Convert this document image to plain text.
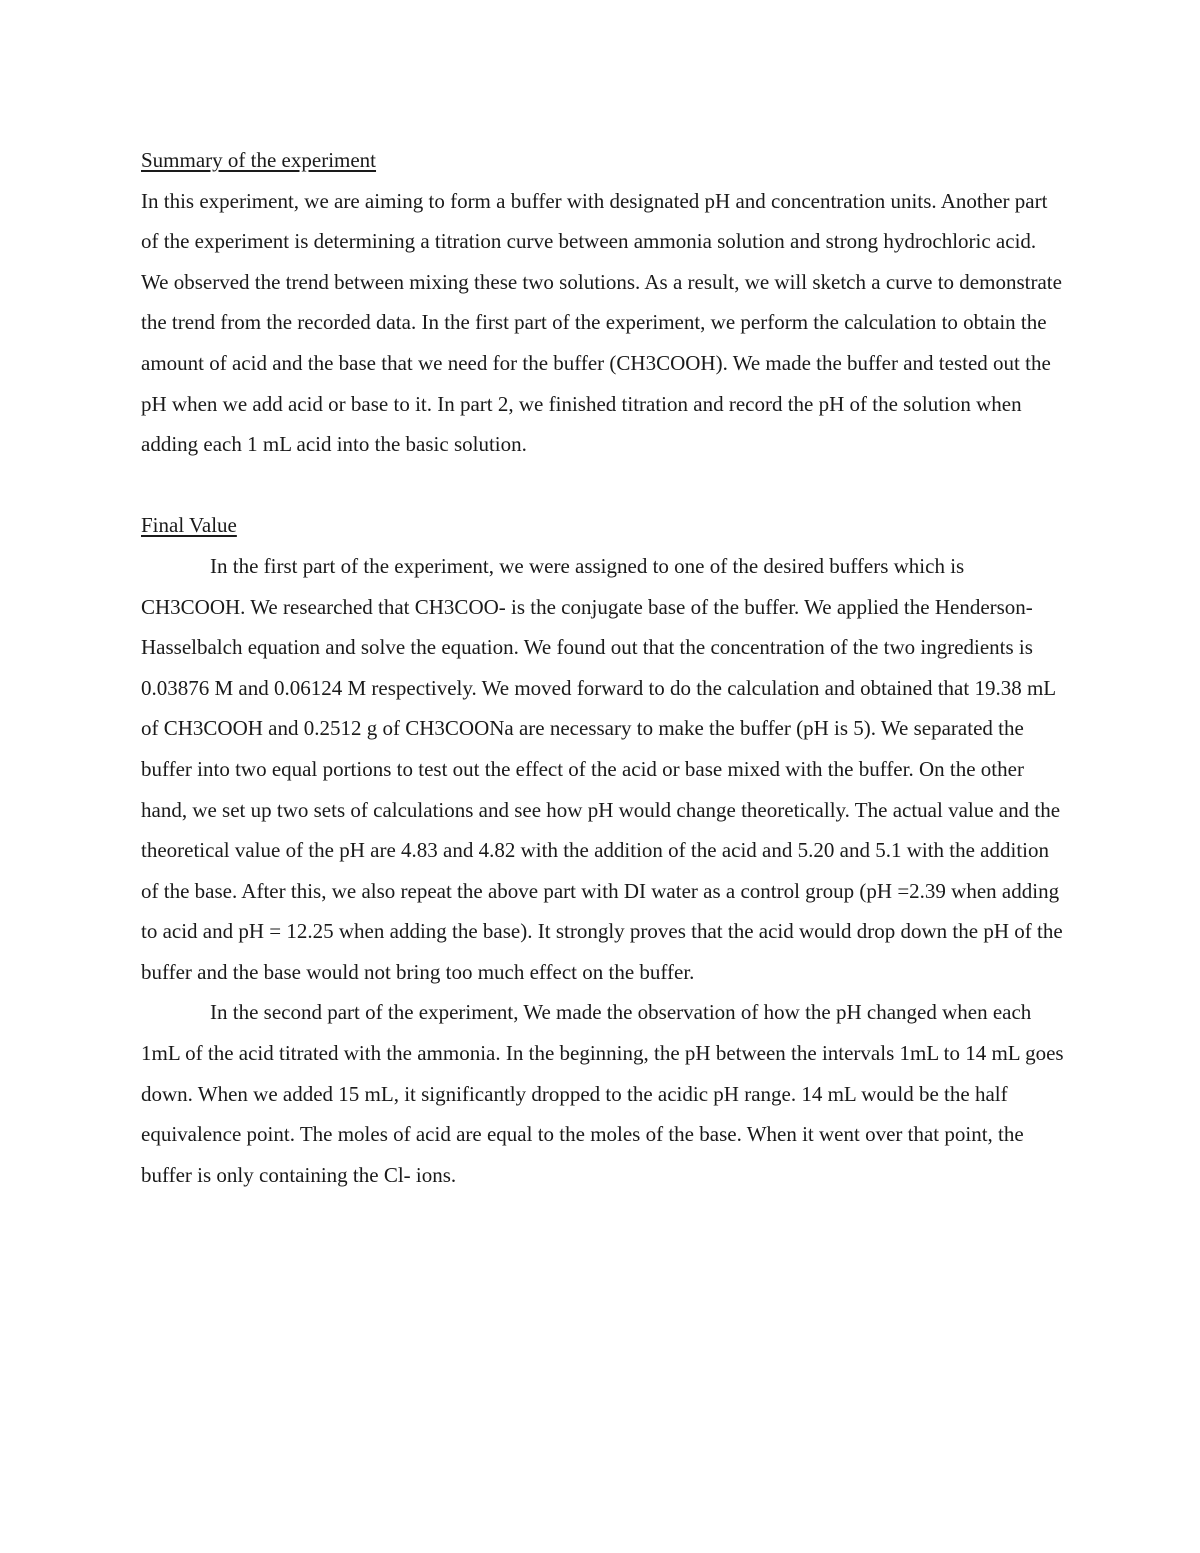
Summary of the experiment

In this experiment, we are aiming to form a buffer with designated pH and concentration units. Another part of the experiment is determining a titration curve between ammonia solution and strong hydrochloric acid. We observed the trend between mixing these two solutions. As a result, we will sketch a curve to demonstrate the trend from the recorded data. In the first part of the experiment, we perform the calculation to obtain the amount of acid and the base that we need for the buffer (CH3COOH). We made the buffer and tested out the pH when we add acid or base to it. In part 2, we finished titration and record the pH of the solution when adding each 1 mL acid into the basic solution.

Final Value

In the first part of the experiment, we were assigned to one of the desired buffers which is CH3COOH. We researched that CH3COO- is the conjugate base of the buffer. We applied the Henderson-Hasselbalch equation and solve the equation. We found out that the concentration of the two ingredients is 0.03876 M and 0.06124 M respectively. We moved forward to do the calculation and obtained that 19.38 mL of CH3COOH and 0.2512 g of CH3COONa are necessary to make the buffer (pH is 5). We separated the buffer into two equal portions to test out the effect of the acid or base mixed with the buffer. On the other hand, we set up two sets of calculations and see how pH would change theoretically. The actual value and the theoretical value of the pH are 4.83 and 4.82 with the addition of the acid and 5.20 and 5.1 with the addition of the base. After this, we also repeat the above part with DI water as a control group (pH =2.39 when adding to acid and pH = 12.25 when adding the base). It strongly proves that the acid would drop down the pH of the buffer and the base would not bring too much effect on the buffer.

In the second part of the experiment, We made the observation of how the pH changed when each 1mL of the acid titrated with the ammonia. In the beginning, the pH between the intervals 1mL to 14 mL goes down. When we added 15 mL, it significantly dropped to the acidic pH range. 14 mL would be the half equivalence point. The moles of acid are equal to the moles of the base. When it went over that point, the buffer is only containing the Cl- ions.
